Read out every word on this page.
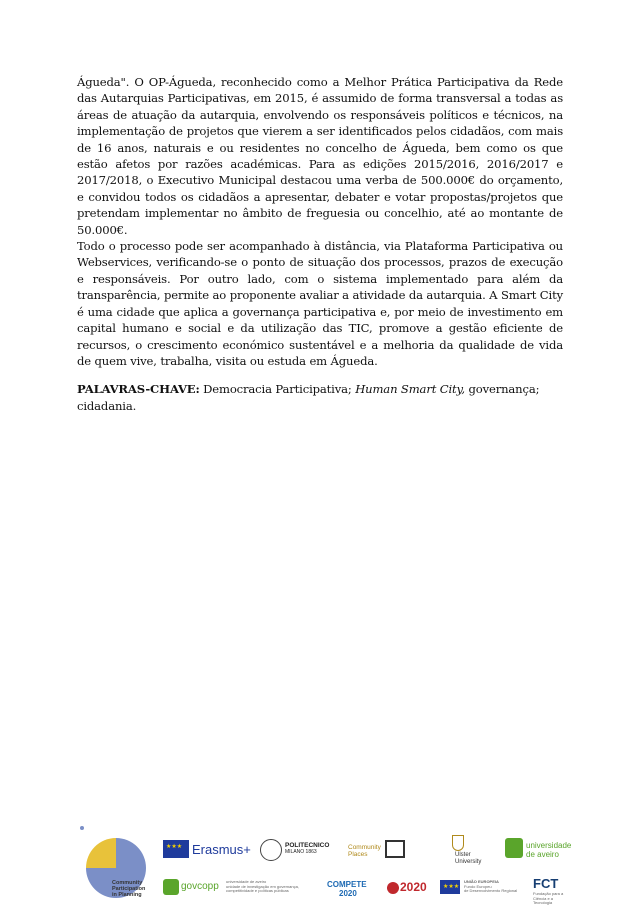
Águeda". O OP-Águeda, reconhecido como a Melhor Prática Participativa da Rede das Autarquias Participativas, em 2015, é assumido de forma transversal a todas as áreas de atuação da autarquia, envolvendo os responsáveis políticos e técnicos, na implementação de projetos que vierem a ser identificados pelos cidadãos, com mais de 16 anos, naturais e ou residentes no concelho de Águeda, bem como os que estão afetos por razões académicas. Para as edições 2015/2016, 2016/2017 e 2017/2018, o Executivo Municipal destacou uma verba de 500.000€ do orçamento, e convidou todos os cidadãos a apresentar, debater e votar propostas/projetos que pretendam implementar no âmbito de freguesia ou concelhio, até ao montante de 50.000€.

Todo o processo pode ser acompanhado à distância, via Plataforma Participativa ou Webservices, verificando-se o ponto de situação dos processos, prazos de execução e responsáveis. Por outro lado, com o sistema implementado para além da transparência, permite ao proponente avaliar a atividade da autarquia. A Smart City é uma cidade que aplica a governança participativa e, por meio de investimento em capital humano e social e da utilização das TIC, promove a gestão eficiente de recursos, o crescimento económico sustentável e a melhoria da qualidade de vida de quem vive, trabalha, visita ou estuda em Águeda.

PALAVRAS-CHAVE: Democracia Participativa; Human Smart City, governança;
cidadania.
Community
Participation
in Planning
★★★
Erasmus+	POLITECNICO
MILANO 1863
Community
Places	Ulster
University
universidade
de aveiro
govcopp universidade de aveiro
unidade de investigação em governança,
competitividade e políticas públicas
COMPETE
2020	2020
★★★	UNIÃO EUROPEIA
Fundo Europeu
de Desenvolvimento Regional FCT
Fundação para a Ciência e a Tecnologia
